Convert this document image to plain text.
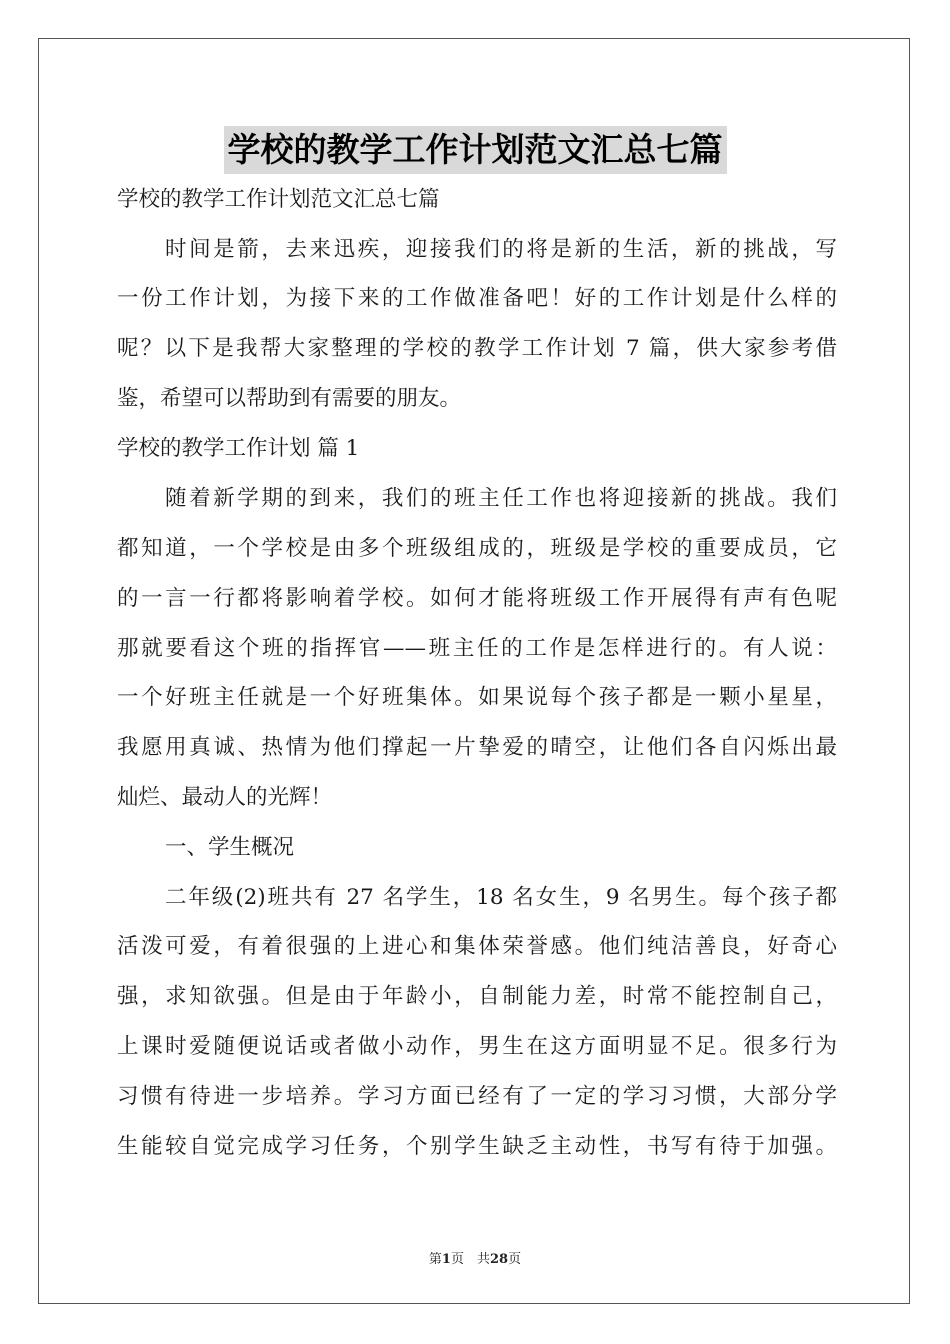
学校的教学工作计划范文汇总七篇

学校的教学工作计划范文汇总七篇

时间是箭，去来迅疾，迎接我们的将是新的生活，新的挑战，写

一份工作计划，为接下来的工作做准备吧！好的工作计划是什么样的

呢？以下是我帮大家整理的学校的教学工作计划 7 篇，供大家参考借

鉴，希望可以帮助到有需要的朋友。

学校的教学工作计划 篇 1

随着新学期的到来，我们的班主任工作也将迎接新的挑战。我们

都知道，一个学校是由多个班级组成的，班级是学校的重要成员，它

的一言一行都将影响着学校。如何才能将班级工作开展得有声有色呢

那就要看这个班的指挥官——班主任的工作是怎样进行的。有人说：

一个好班主任就是一个好班集体。如果说每个孩子都是一颗小星星，

我愿用真诚、热情为他们撑起一片挚爱的晴空，让他们各自闪烁出最

灿烂、最动人的光辉！

一、学生概况

二年级(2)班共有 27 名学生，18 名女生，9 名男生。每个孩子都

活泼可爱，有着很强的上进心和集体荣誉感。他们纯洁善良，好奇心

强，求知欲强。但是由于年龄小，自制能力差，时常不能控制自己，

上课时爱随便说话或者做小动作，男生在这方面明显不足。很多行为

习惯有待进一步培养。学习方面已经有了一定的学习习惯，大部分学

生能较自觉完成学习任务，个别学生缺乏主动性，书写有待于加强。

第1页　共28页
